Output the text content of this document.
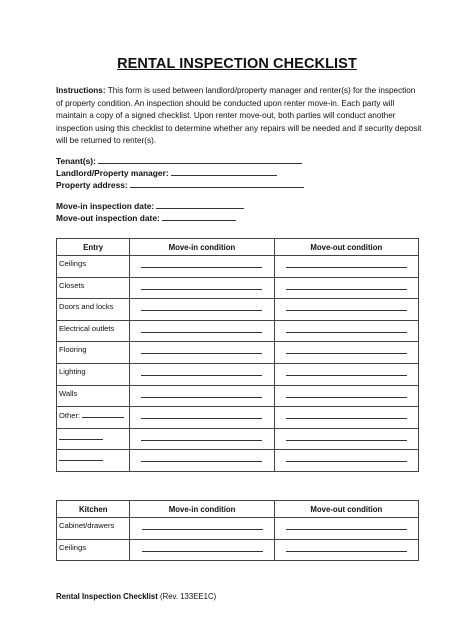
RENTAL INSPECTION CHECKLIST
Instructions: This form is used between landlord/property manager and renter(s) for the inspection of property condition. An inspection should be conducted upon renter move-in. Each party will maintain a copy of a signed checklist. Upon renter move-out, both parties will conduct another inspection using this checklist to determine whether any repairs will be needed and if security deposit will be returned to renter(s).
Tenant(s):
Landlord/Property manager:
Property address:
Move-in inspection date:
Move-out inspection date:
Entry	Move-in condition	Move-out condition
Ceilings	

Closets	

Doors and locks	

Electrical outlets	

Flooring	

Lighting	

Walls	

Other:	

Kitchen	Move-in condition	Move-out condition
Cabinet/drawers	

Ceilings	

Rental Inspection Checklist (Rev. 133EE1C)
